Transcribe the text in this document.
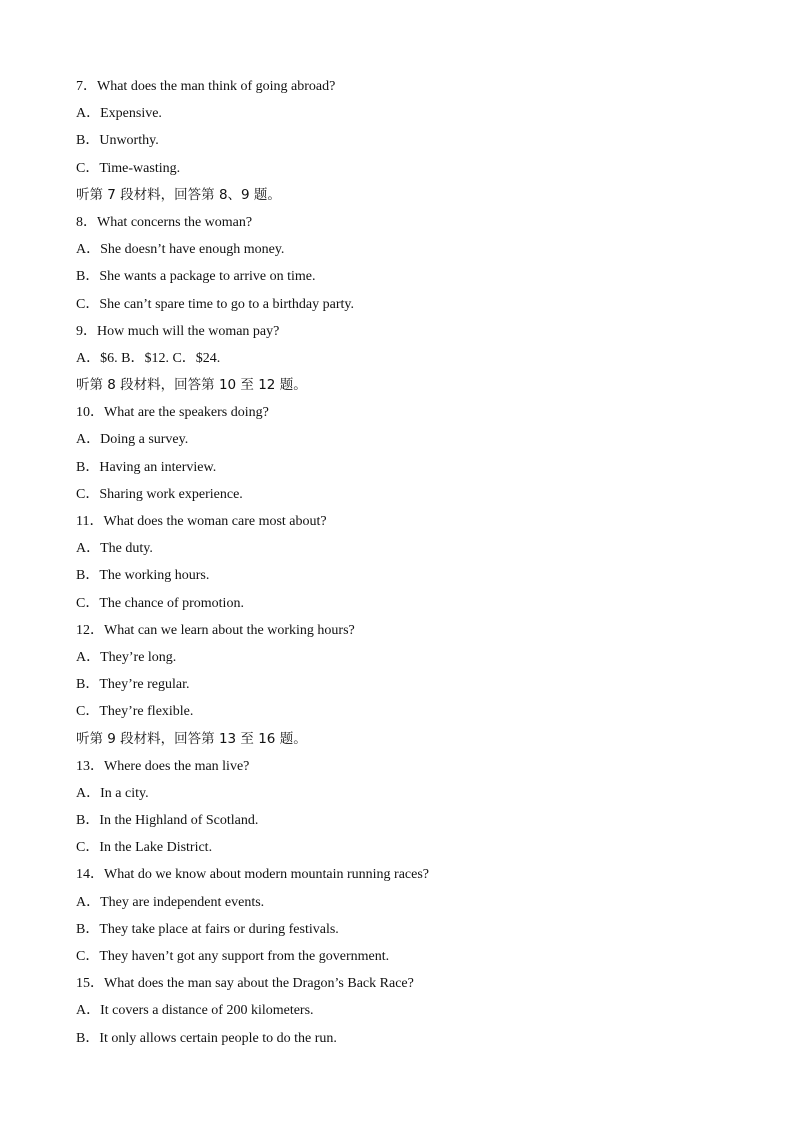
7．What does the man think of going abroad?
A．Expensive.
B．Unworthy.
C．Time-wasting.
听第 7 段材料，回答第 8、9 题。
8．What concerns the woman?
A．She doesn’t have enough money.
B．She wants a package to arrive on time.
C．She can’t spare time to go to a birthday party.
9．How much will the woman pay?
A．$6. B．$12. C．$24.
听第 8 段材料，回答第 10 至 12 题。
10．What are the speakers doing?
A．Doing a survey.
B．Having an interview.
C．Sharing work experience.
11．What does the woman care most about?
A．The duty.
B．The working hours.
C．The chance of promotion.
12．What can we learn about the working hours?
A．They’re long.
B．They’re regular.
C．They’re flexible.
听第 9 段材料，回答第 13 至 16 题。
13．Where does the man live?
A．In a city.
B．In the Highland of Scotland.
C．In the Lake District.
14．What do we know about modern mountain running races?
A．They are independent events.
B．They take place at fairs or during festivals.
C．They haven’t got any support from the government.
15．What does the man say about the Dragon’s Back Race?
A．It covers a distance of 200 kilometers.
B．It only allows certain people to do the run.
